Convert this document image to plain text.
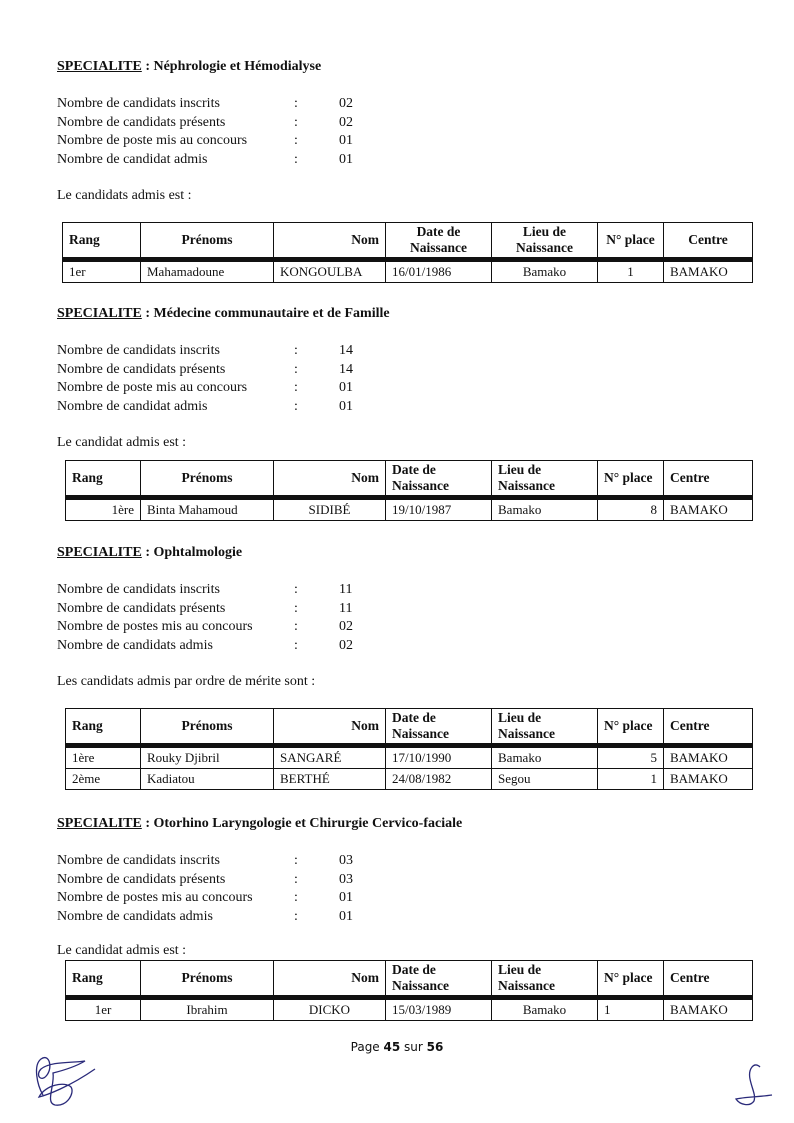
SPECIALITE : Néphrologie et Hémodialyse
Nombre de candidats inscrits	:	02
Nombre de candidats présents	:	02
Nombre de poste mis au concours	:	01
Nombre de candidat admis	:	01
Le candidats admis est :
Rang	Prénoms	Nom	Date de Naissance	Lieu de Naissance	N° place	Centre
1er	Mahamadoune	KONGOULBA	16/01/1986	Bamako	1	BAMAKO
SPECIALITE : Médecine communautaire et de Famille
Nombre de candidats inscrits	:	14
Nombre de candidats présents	:	14
Nombre de poste mis au concours	:	01
Nombre de candidat admis	:	01
Le candidat admis est :
Rang	Prénoms	Nom	Date de Naissance	Lieu de Naissance	N° place	Centre
1ère	Binta Mahamoud	SIDIBÉ	19/10/1987	Bamako	8	BAMAKO
SPECIALITE : Ophtalmologie
Nombre de candidats inscrits	:	11
Nombre de candidats présents	:	11
Nombre de postes mis au concours	:	02
Nombre de candidats admis	:	02
Les candidats admis par ordre de mérite sont :
Rang	Prénoms	Nom	Date de Naissance	Lieu de Naissance	N° place	Centre
1ère	Rouky Djibril	SANGARÉ	17/10/1990	Bamako	5	BAMAKO
2ème	Kadiatou	BERTHÉ	24/08/1982	Segou	1	BAMAKO
SPECIALITE : Otorhino Laryngologie et Chirurgie Cervico-faciale
Nombre de candidats inscrits	:	03
Nombre de candidats présents	:	03
Nombre de postes mis au concours	:	01
Nombre de candidats admis	:	01
Le candidat admis est :
Rang	Prénoms	Nom	Date de Naissance	Lieu de Naissance	N° place	Centre
1er	Ibrahim	DICKO	15/03/1989	Bamako	1	BAMAKO
Page 45 sur 56
